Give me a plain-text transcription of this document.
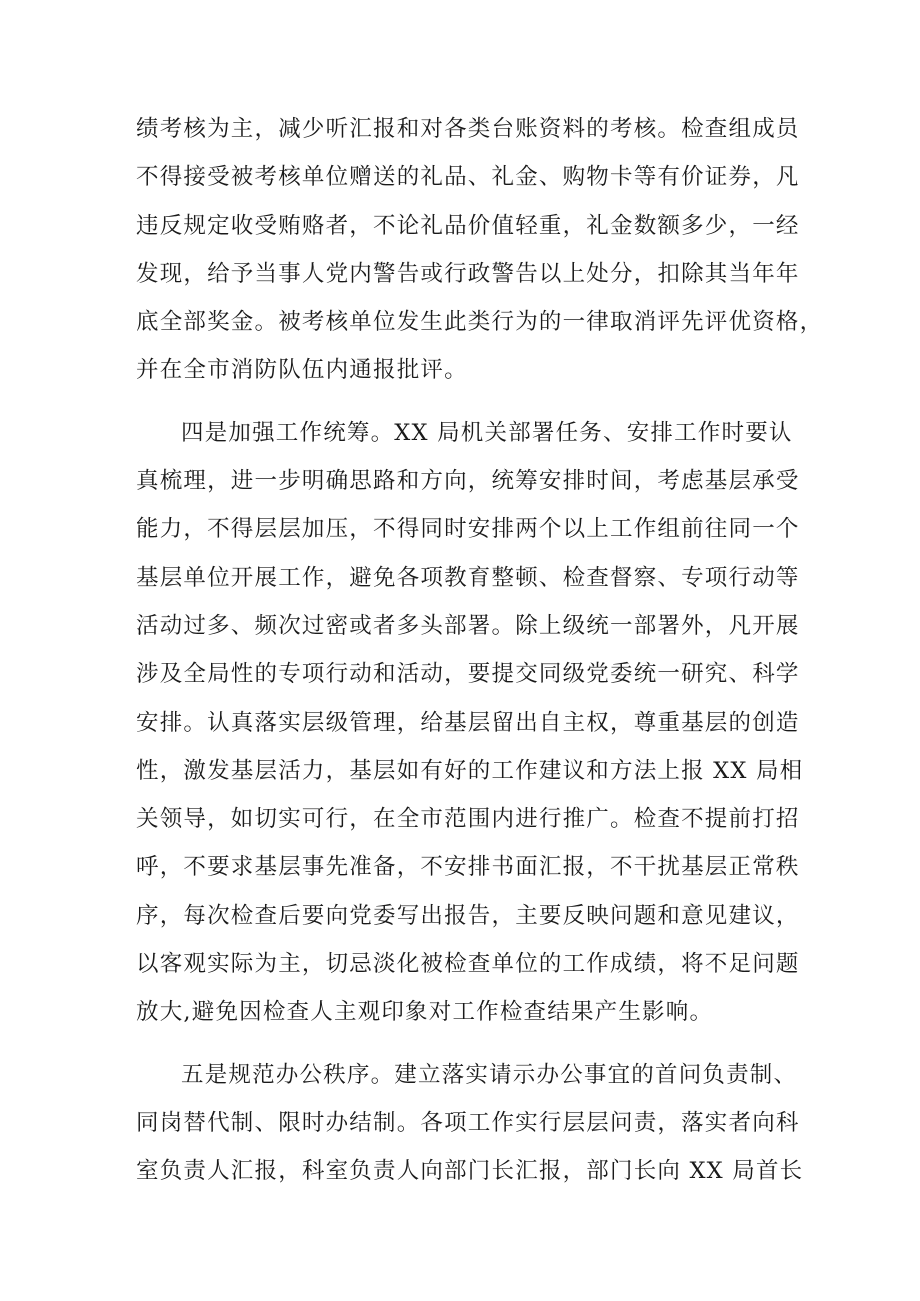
绩考核为主，减少听汇报和对各类台账资料的考核。检查组成员
不得接受被考核单位赠送的礼品、礼金、购物卡等有价证券，凡
违反规定收受贿赂者，不论礼品价值轻重，礼金数额多少，一经
发现，给予当事人党内警告或行政警告以上处分，扣除其当年年
底全部奖金。被考核单位发生此类行为的一律取消评先评优资格，
并在全市消防队伍内通报批评。
四是加强工作统筹。XX 局机关部署任务、安排工作时要认
真梳理，进一步明确思路和方向，统筹安排时间，考虑基层承受
能力，不得层层加压，不得同时安排两个以上工作组前往同一个
基层单位开展工作，避免各项教育整顿、检查督察、专项行动等
活动过多、频次过密或者多头部署。除上级统一部署外，凡开展
涉及全局性的专项行动和活动，要提交同级党委统一研究、科学
安排。认真落实层级管理，给基层留出自主权，尊重基层的创造
性，激发基层活力，基层如有好的工作建议和方法上报 XX 局相
关领导，如切实可行，在全市范围内进行推广。检查不提前打招
呼，不要求基层事先准备，不安排书面汇报，不干扰基层正常秩
序，每次检查后要向党委写出报告，主要反映问题和意见建议，
以客观实际为主，切忌淡化被检查单位的工作成绩，将不足问题
放大,避免因检查人主观印象对工作检查结果产生影响。
五是规范办公秩序。建立落实请示办公事宜的首问负责制、
同岗替代制、限时办结制。各项工作实行层层问责，落实者向科
室负责人汇报，科室负责人向部门长汇报，部门长向 XX 局首长
